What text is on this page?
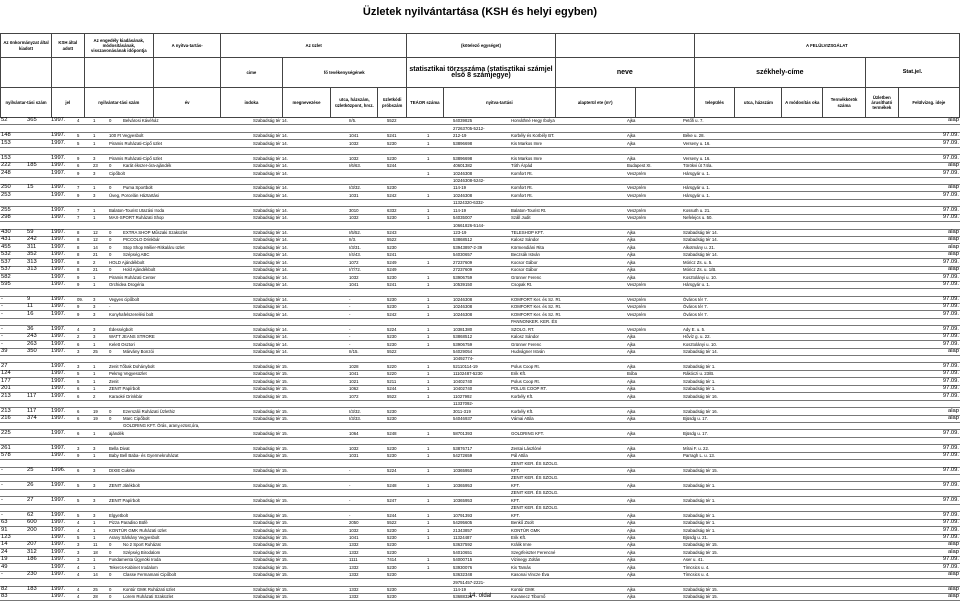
Üzletek nyilvántartása (KSH és helyi egyben)
Az önkormányzat által kiadott	KSH által adott	Az engedély kiadásának, módosításának, visszavonásának időpontja	A nyitva-tartás-	Az üzlet				(kötelező egységet)				A FELÜLVIZSGÁLAT					
				cime	fő tevékenységének			statisztikai törzsszáma (statisztikai számjel első 8 számjegye)		neve		székhely-címe				Stat.jel.	
nyilvántar-tási szám	jel	nyilvántar-tási szám	év	indoka	megnevezése	utca, házszám, üzletközpont, hrsz.	üzletkódi próbszám	TEÁOR száma	nyitva-tartási	alapterül ete (m²)		település	utca, házszám	A módosítás oka	Termékkörök száma	Üzletben árusítható termékek	Felülvizsg. ideje
52	365	1997.	4	1	0	Belvárosi Kávéház	Szabadság tér 14.	II/5.	5522		54039825	Horváthné Hegy Ibolya	Ajka	Petőfi u. 7.	alap
											27263705-5212-				
148		1997.	5	1	100 Ft Vegyesbolt		Szabadság tér 14.	1041	5241	1	212-19	Korbély és Korbély BT.	Ajka	Béke u. 28.	97.09.
153		1997.	5	1	Piramis Ruházati-Cipő üzlet		Szabadság tér 14.	1032	5230	1	53896698	Kis Markos Imre	Ajka	Verseny u. 16.	97.09.

153		1997.	9	3	Piramis Ruházati-Cipő üzlet		Szabadság tér 14.	1032	5230	1	53896698	Kis Markos Imre	Ajka	Verseny u. 16.	97.09.
222	185	1997.	6	23	0	Karát ékszer-óra-ajándék	Szabadság tér 14.	I/6/63.	5244		40601382	Tóth Árpád	Budapest XI.	Törökvi út 74/a.	alap
248		1997.	9	3	Cipőbolt		Szabadság tér 14.			1	10246308	Komfort Rt.	Veszprém	Hársgyár u. 1.	97.09.
											10246308-5242-				
250	15	1997.	7	1	0	Puma Sportbolt	Szabadság tér 14.	I/3/32.	5230		114-19	Komfort Rt.	Veszprém	Hársgyár u. 1.	alap
253		1997.	9	3	Üveg, Porcelán Háztartási		Szabadság tér 14.	1031	5242	1	10246308	Komfort Rt.	Veszprém	Hársgyár u. 1.	97.09.
											11324320-6332-				
255		1997.	7	1	Balaton-Tourist Utazási Iroda		Szabadság tér 14.	3010	6332	1	114-19	Balaton-Tourist Rt.	Veszprém	Kossuth u. 21.	97.09.
298		1997.	7	1	MAX-SPORT Ruházati Shop		Szabadság tér 14.	1032	5230	1	54035007	Száll Judit	Veszprém	Nefelejcs u. 50.	97.09.
											10661826-5144-				
430	59	1997.	8	12	0	EXTRA SHOP Műszaki Szaküzlet	Szabadság tér 14.	I/5/52.	5243		123-19	TELESHOP KFT.	Ajka	Szabadság tér 14.	alap
431	242	1997.	8	12	0	PICCOLO Drinkbár	Szabadság tér 14.	II/3.	5522		53868512	Kalosz Sándor	Ajka	Szabadság tér 14.	alap
455	311	1997.	8	14	0	Stop Shop Mélier-Ritkaláru üzlet	Szabadság tér 14.	I/3/31.	5230		53943897-2-39	Körmendiáni Rita	Ajka	Alkotmány u. 21.	alap
532	352	1997.	8	21	0	Szépség ABC	Szabadság tér 14.	I/4/43.	5241		54030657	Beczsák István	Ajka	Szabadság tér 14.	alap
537	313	1997.	8	2	HOLD Ajándékbolt		Szabadság tér 14.	1072	5249	1	27237609	Kocsor Gábor	Ajka	Móricz Zs. u. 5.	97.09.
537	313	1997.	8	21	0	Hold Ajándékbolt	Szabadság tér 14.	I/7/72.	5249		27237609	Kocsor Gábor	Ajka	Móricz Zs. u. 1/B.	alap
582		1997.	9	1	Piramis Ruházati Center		Szabadság tér 14.	1032	5230	1	53906759	Grünner Ferenc	Ajka	Kosztolányi u. 10.	97.09.
595		1997.	9	1	Orchidea Drogéria		Szabadság tér 14.	1041	5241	1	10539150	Csopak Rt.	Veszprém	Hársgyár u. 1.	97.09.

-	9	1997.	09.	3	Vegyes cipőbolt		Szabadság tér 14.	-	5230	1	10246308	KOMFORT Ker. és Sz. Rt.	Veszprém	Óváros tér 7.	97.09.
-	11	1997.	9	3	-		Szabadság tér 14.	-	5230	1	10246308	KOMFORT Ker. és Sz. Rt.	Veszprém	Óváros tér 7.	97.09.
-	16	1997.	9	3	Konyhafelszerelési bolt		Szabadság tér 14.	-	5242	1	10246308	KOMFORT Ker. és Sz. Rt.	Veszprém	Óváros tér 7.	97.09.
												PANNONKER. KER. ÉS			
-	36	1997.	4	3	Édességbolt		Szabadság tér 14.	-	5224	1	10381380	SZOLG. RT.	Veszprém	Ady E. u. 5.	97.09.
-	243	1997.	2	3	WATT JEANS STRORE		Szabadság tér 14.	-	5230	1	53868512	Kalosz Sándor	Ajka	Hővíz g. u. 22.	97.09.
-	263	1997.	6	1	Kelett Osztori		Szabadság tér 14.	-	5230	1	53906759	Grünner Ferenc	Ajka	Kosztolányi u. 10.	97.09.
39	350	1997.	3	25	0	Márvány Bonzói	Szabadság tér 14.	II/15.	5522		54029054	Hudvágner István	Ajka	Szabadság tér 14.	alap
											10492774-				
27		1997.	3	1	Zenit Tőbak Dohánybolt		Szabadság tér 15.	1028	5220	1	52110114-19	Polus Coop Rt.	Ajka	Szabadság tér 1.	97.09.
124		1997.	5	1	Pekmg Vegyesüzlet		Szabadság tér 15.	1041	5220	1	11102487-5230	Erik Kft.	Bóba	Rákóczi u. 23/B.	97.09.
177		1997.	5	1	Zenit		Szabadság tér 15.	1021	5211	1	10402740	Polus Coop Rt.	Ajka	Szabadság tér 1.	97.09.
201		1997.	6	1	ZENIT Papírbolt		Szabadság tér 15.	1062	5244	1	10402740	POLUS COOP RT.	Ajka	Szabadság tér 1.	97.09.
213	117	1997.	6	2	Karaoké Drinkbár		Szabadság tér 15.	1072	5522	1	11027992	Korbély Kft.	Ajka	Szabadság tér 16.	97.09.
											11337092-				
213	117	1997.	6	19	0	Ezerszáli Ruházati Üzlethiz	Szabadság tér 15.	I/3/32.	5230		3011-319	Korbély Kft.	Ajka	Szabadság tér 16.	alap
216	374	1997.	6	19	0	Marc Cipőbolt	Szabadság tér 15.	I/3/33.	5230		54046937	Vámai Attila	Ajka	Bjüsdg u. 17.	alap
						GOLDRING KFT. Órás, arany,ezüst,óra,									
225		1997.	6	1	ajándék		Szabadság tér 15.	1064	5248	1	58701393	GOLDRING KFT.	Ajka	Bjüsdg u. 17.	97.09.

261		1997.	3	3	Bella Divat		Szabadság tér 15.	1032	5230	1	53876717	Zentai Lászlóné	Ajka	Mírai F. u. 22.	97.09.
578		1997.	9	1	Baby Bell Baba- és Gyermekruházat		Szabadság tér 15.	1031	5230	1	54272659	Pál Attila	Ajka	Parragh L. u. 13.	97.09.
												ZENIT KER. ÉS SZOLG.			
-	25	1996.	6	3	DIXIE Cukrke		Szabadság tér 15.	-	5224	1	10365953	KFT.	Ajka	Szabadság tér 15.	97.09.
												ZENIT KER. ÉS SZOLG.			
-	26	1997.	5	3	ZENIT Játékbolt		Szabadság tér 15.	-	5248	1	10365953	KFT.	Ajka	Szabadság tér 1.	97.09.
												ZENIT KER. ÉS SZOLG.			
-	27	1997.	5	3	ZENIT Papírbolt		Szabadság tér 15.	-	5247	1	10365953	KFT.	Ajka	Szabadság tér 1.	97.09.
												ZENIT KER. ÉS SZOLG.			
-	62	1997.	5	3	Elgyetbolt		Szabadság tér 15.	-	5244	1	10791393	KFT.	Ajka	Szabadság tér 1.	97.09.
63	600	1997.	4	1	Pizza Paradiso Büfé		Szabadság tér 15.	2050	5522	1	54295605	Benkő Zsolt	Ajka	Szabadság tér 1.	97.09.
91	200	1997.	4	1	KONTÚR GMK Ruházati üzlet		Szabadság tér 15.	1032	5230	1	21343857	KONTÚR GMK	Ajka	Szabadság tér 1.	97.09.
123		1997.	5	1	Arany Sárkány Vegyesbolt		Szabadság tér 15.	1041	5230	1	11324487	Erik Kft.	Ajka	Bjüsdg u. 21.	97.09.
14	207	1997.	3	11	0	No 2 Sport Ruházat	Szabadság tér 15.	1332	5230		53637592	Králik Imre	Ajka	Szabadság tér 15.	alap
24	312	1997.	3	18	0	Szépség Birodalom	Szabadság tér 15.	1332	5230		54010651	Szegrfeiszter Ferencné	Ajka	Szabadság tér 15.	alap
19	186	1997.	3	1	Fundamenta Ügynöki Iroda		Szabadság tér 15.	1111	7414	1	54000715	Vizinegy Zoltán	Ajka	Aser u. 41.	97.09.
49		1997.	4	1	Tekercs-Kabinet Irodalom		Szabadság tér 15.	1332	5230	1	53930076	Kis Tamás	Ajka	Tímcsics u. 4.	97.09.
-	230	1997.	4	14	0	Classe Fermamani Cipőbolt	Szabadság tér 15.	1332	5230		53632348	Kasonai Vincze Éva	Ajka	Tímcsics u. 4.	alap
											29751457-2221-				
82	183	1997.	4	25	0	Kontúr GMK Ruházati üzlet	Szabadság tér 15.	1332	5230		114-19	Kontúr GMK	Ajka	Szabadság tér 15.	alap
83		1997.	4	28	0	Lorem Ruházati Szaküzlet	Szabadság tér 15.	1332	5230		53688326	Kovanecz Tibornő	Ajka	Szabadság tér 15.	alap
14. oldal
